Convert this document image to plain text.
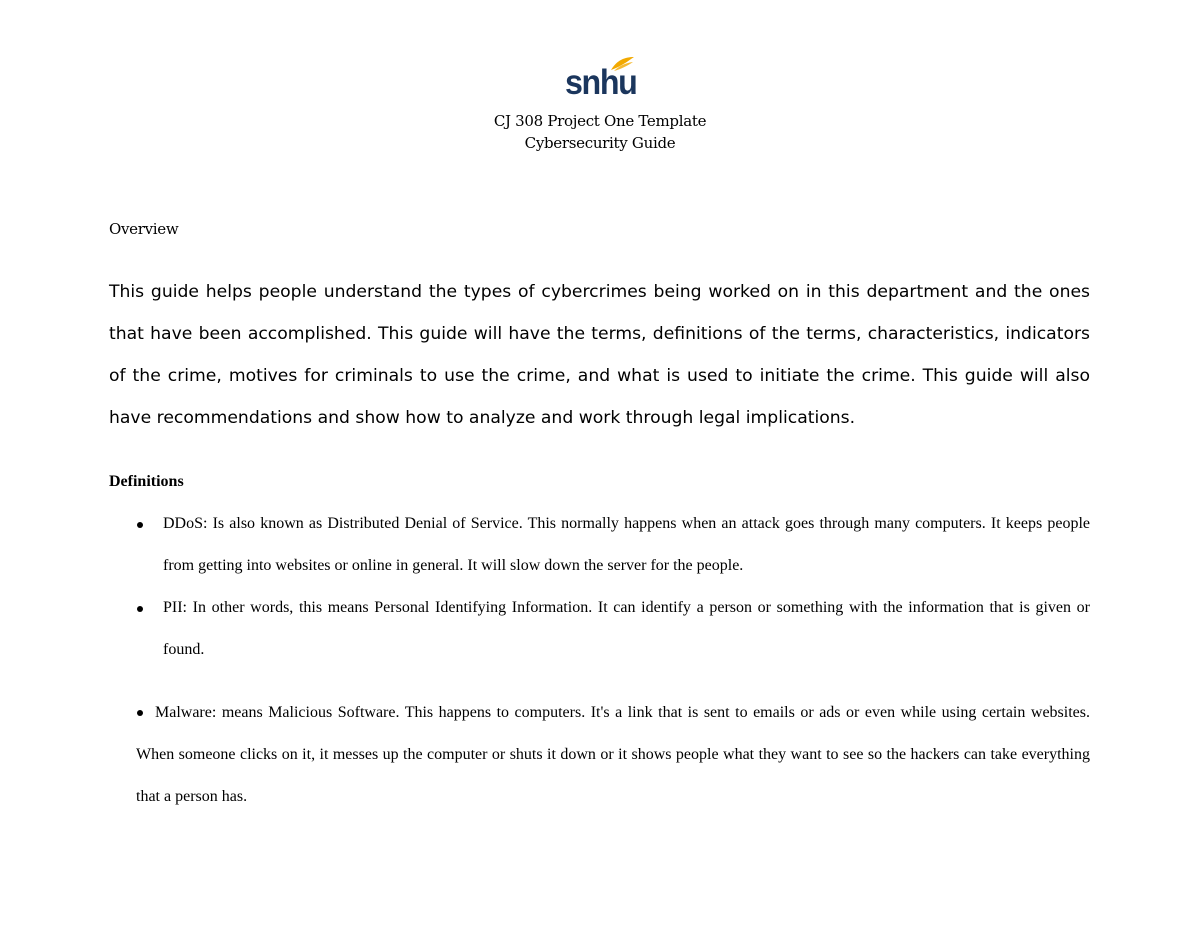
snhu
CJ 308 Project One Template
Cybersecurity Guide
Overview

This guide helps people understand the types of cybercrimes being worked on in this department and the ones that have been accomplished. This guide will have the terms, definitions of the terms, characteristics, indicators of the crime, motives for criminals to use the crime, and what is used to initiate the crime. This guide will also have recommendations and show how to analyze and work through legal implications.

Definitions

DDoS: Is also known as Distributed Denial of Service. This normally happens when an attack goes through many computers. It keeps people from getting into websites or online in general. It will slow down the server for the people.

PII: In other words, this means Personal Identifying Information. It can identify a person or something with the information that is given or found.

Malware: means Malicious Software. This happens to computers. It's a link that is sent to emails or ads or even while using certain websites. When someone clicks on it, it messes up the computer or shuts it down or it shows people what they want to see so the hackers can take everything that a person has.
